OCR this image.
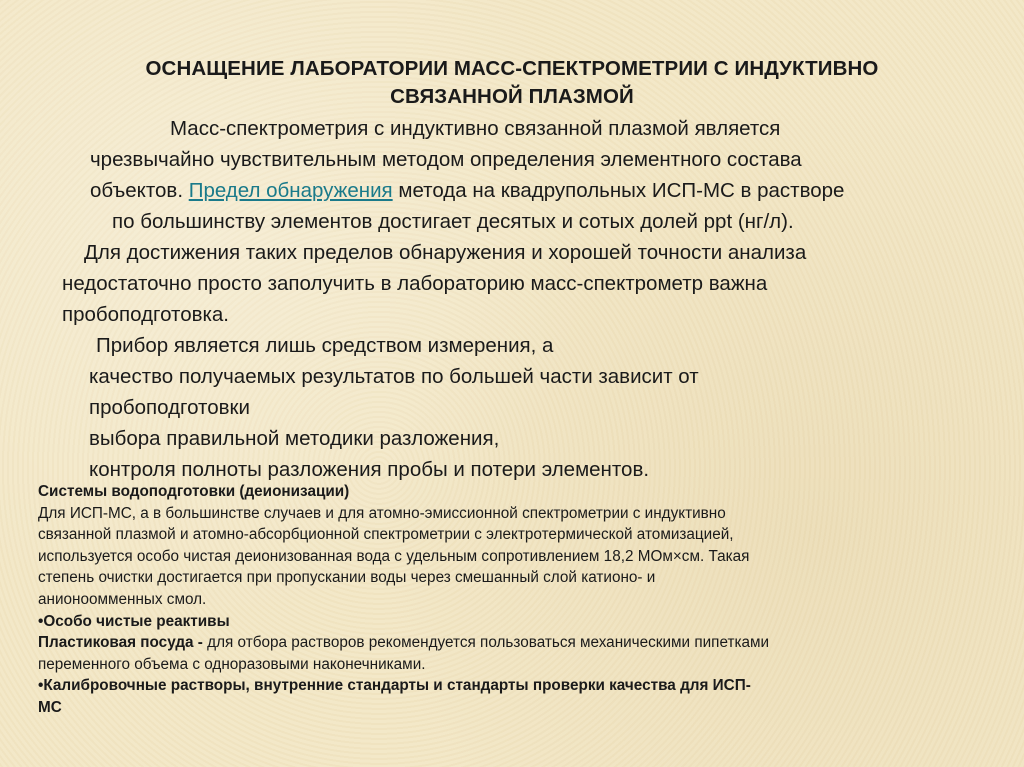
ОСНАЩЕНИЕ ЛАБОРАТОРИИ МАСС-СПЕКТРОМЕТРИИ С ИНДУКТИВНО
СВЯЗАННОЙ ПЛАЗМОЙ
Масс-спектрометрия с индуктивно связанной плазмой является
чрезвычайно чувствительным методом определения элементного состава
объектов. Предел обнаружения метода на квадрупольных ИСП-МС в растворе
по большинству элементов достигает десятых и сотых долей ppt (нг/л).
Для достижения таких пределов обнаружения и хорошей точности анализа
недостаточно просто заполучить в лабораторию масс-спектрометр важна
пробоподготовка.
Прибор является лишь средством измерения, а
качество получаемых результатов по большей части зависит от
пробоподготовки
выбора правильной методики разложения,
контроля полноты разложения пробы и потери элементов.
Системы водоподготовки (деионизации)
Для ИСП-МС, а в большинстве случаев и для атомно-эмиссионной спектрометрии с индуктивно
связанной плазмой и атомно-абсорбционной спектрометрии с электротермической атомизацией,
используется особо чистая деионизованная вода с удельным сопротивлением 18,2 МОм×см. Такая
степень очистки достигается при пропускании воды через смешанный слой катионо- и
анионоомменных смол.
•Особо чистые реактивы
Пластиковая посуда - для отбора растворов рекомендуется пользоваться механическими пипетками
переменного объема с одноразовыми наконечниками.
•Калибровочные растворы, внутренние стандарты и стандарты проверки качества для ИСП-
МС
